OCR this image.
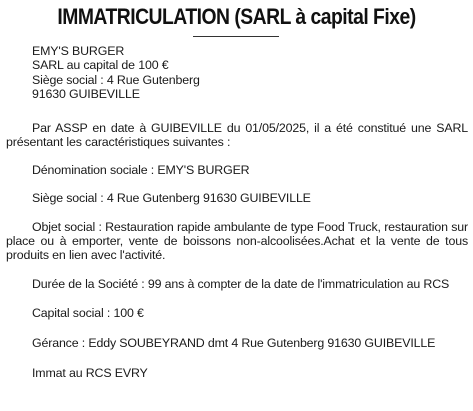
IMMATRICULATION (SARL à capital Fixe)
EMY'S BURGER
SARL au capital de 100 €
Siège social : 4 Rue Gutenberg
91630 GUIBEVILLE
Par ASSP en date à GUIBEVILLE du 01/05/2025, il a été constitué une SARL présentant les caractéristiques suivantes :
Dénomination sociale : EMY'S BURGER
Siège social : 4 Rue Gutenberg 91630 GUIBEVILLE
Objet social : Restauration rapide ambulante de type Food Truck, restauration sur place ou à emporter, vente de boissons non-alcoolisées.Achat et la vente de tous produits en lien avec l'activité.
Durée de la Société : 99 ans à compter de la date de l'immatriculation au RCS
Capital social : 100 €
Gérance : Eddy SOUBEYRAND dmt 4 Rue Gutenberg 91630 GUIBEVILLE
Immat au RCS EVRY
